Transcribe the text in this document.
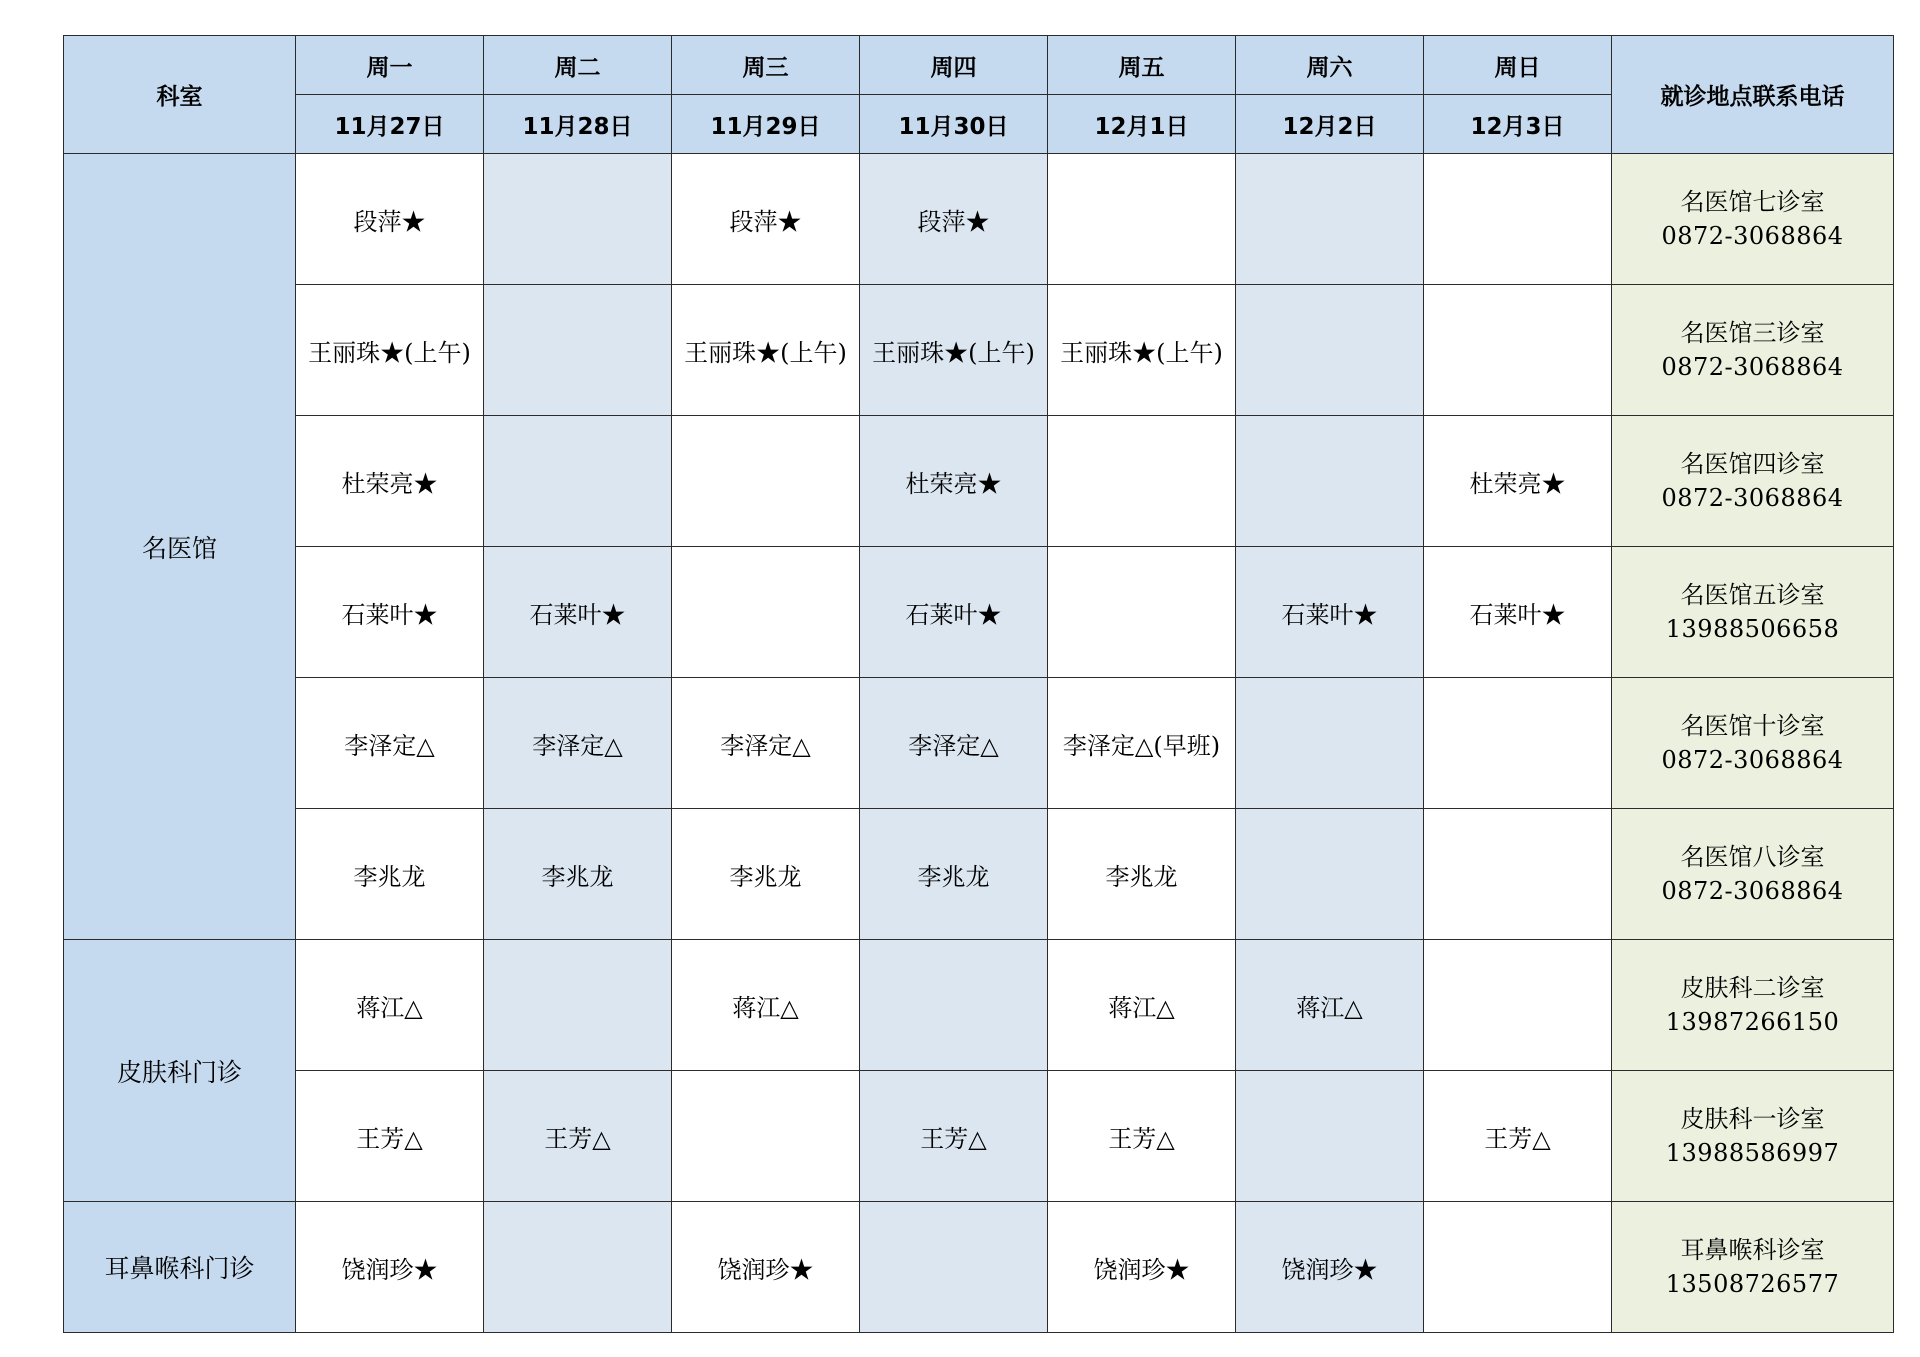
科室	周一	周二	周三	周四	周五	周六	周日	就诊地点联系电话
	11月27日	11月28日	11月29日	11月30日	12月1日	12月2日	12月3日	
名医馆	段萍★		段萍★	段萍★				名医馆七诊室
0872-3068864

	王丽珠★(上午)		王丽珠★(上午)	王丽珠★(上午)	王丽珠★(上午)			名医馆三诊室
0872-3068864

	杜荣亮★			杜荣亮★			杜荣亮★	名医馆四诊室
0872-3068864

	石莱叶★	石莱叶★		石莱叶★		石莱叶★	石莱叶★	名医馆五诊室
13988506658

	李泽定△	李泽定△	李泽定△	李泽定△	李泽定△(早班)			名医馆十诊室
0872-3068864

	李兆龙	李兆龙	李兆龙	李兆龙	李兆龙			名医馆八诊室
0872-3068864

皮肤科门诊	蒋江△		蒋江△		蒋江△	蒋江△		皮肤科二诊室
13987266150

	王芳△	王芳△		王芳△	王芳△		王芳△	皮肤科一诊室
13988586997

耳鼻喉科门诊	饶润珍★		饶润珍★		饶润珍★	饶润珍★		耳鼻喉科诊室
13508726577
